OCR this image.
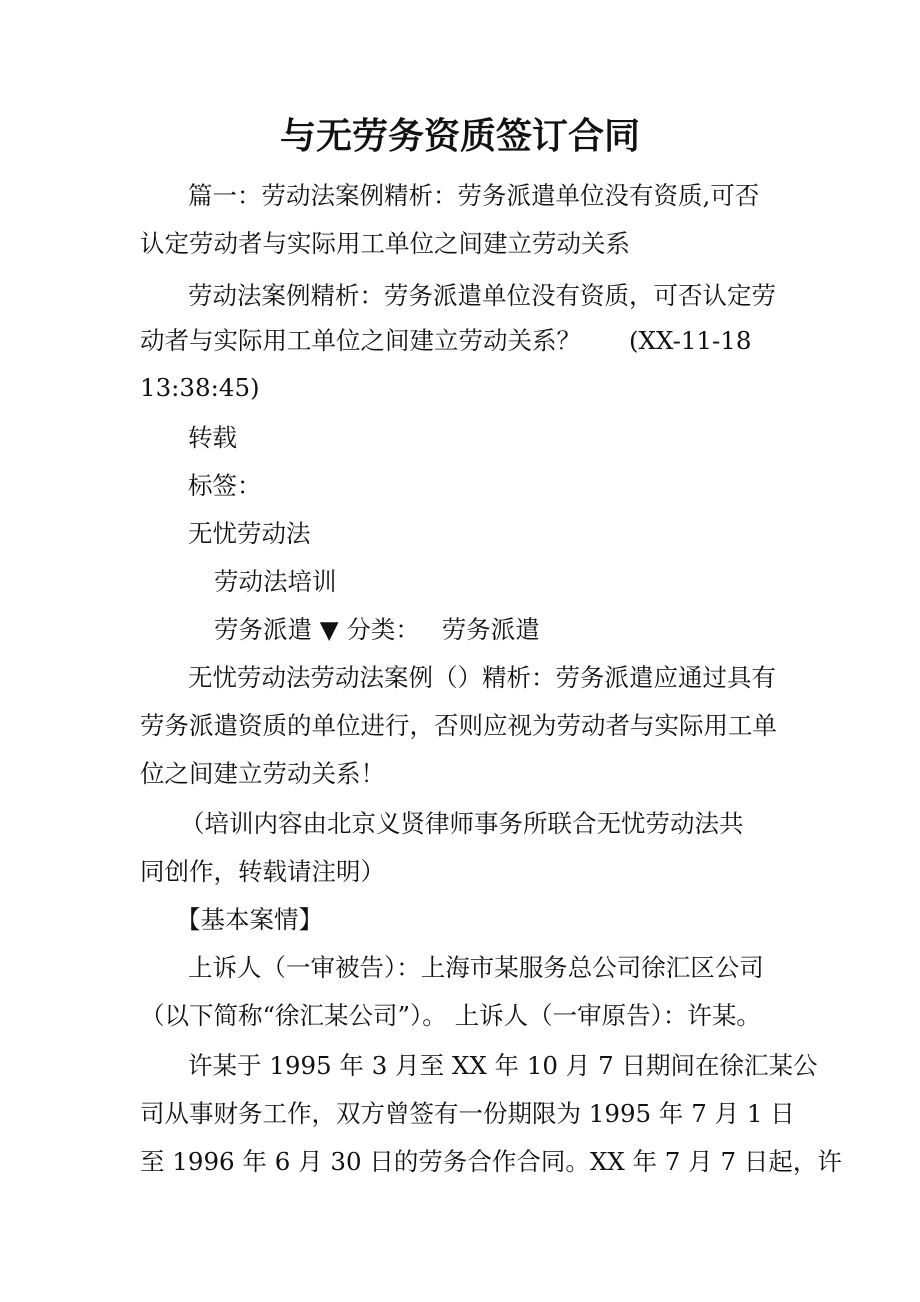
与无劳务资质签订合同
篇一：劳动法案例精析：劳务派遣单位没有资质,可否
认定劳动者与实际用工单位之间建立劳动关系
劳动法案例精析：劳务派遣单位没有资质，可否认定劳
动者与实际用工单位之间建立劳动关系？ (XX-11-18
13:38:45)
转载
标签：
无忧劳动法
劳动法培训
劳务派遣 ▼ 分类： 劳务派遣
无忧劳动法劳动法案例（）精析：劳务派遣应通过具有
劳务派遣资质的单位进行，否则应视为劳动者与实际用工单
位之间建立劳动关系！
（培训内容由北京义贤律师事务所联合无忧劳动法共
同创作，转载请注明）
【基本案情】
上诉人（一审被告）：上海市某服务总公司徐汇区公司
（以下简称“徐汇某公司”）。 上诉人（一审原告）：许某。
许某于 1995 年 3 月至 XX 年 10 月 7 日期间在徐汇某公
司从事财务工作，双方曾签有一份期限为 1995 年 7 月 1 日
至 1996 年 6 月 30 日的劳务合作合同。XX 年 7 月 7 日起，许
